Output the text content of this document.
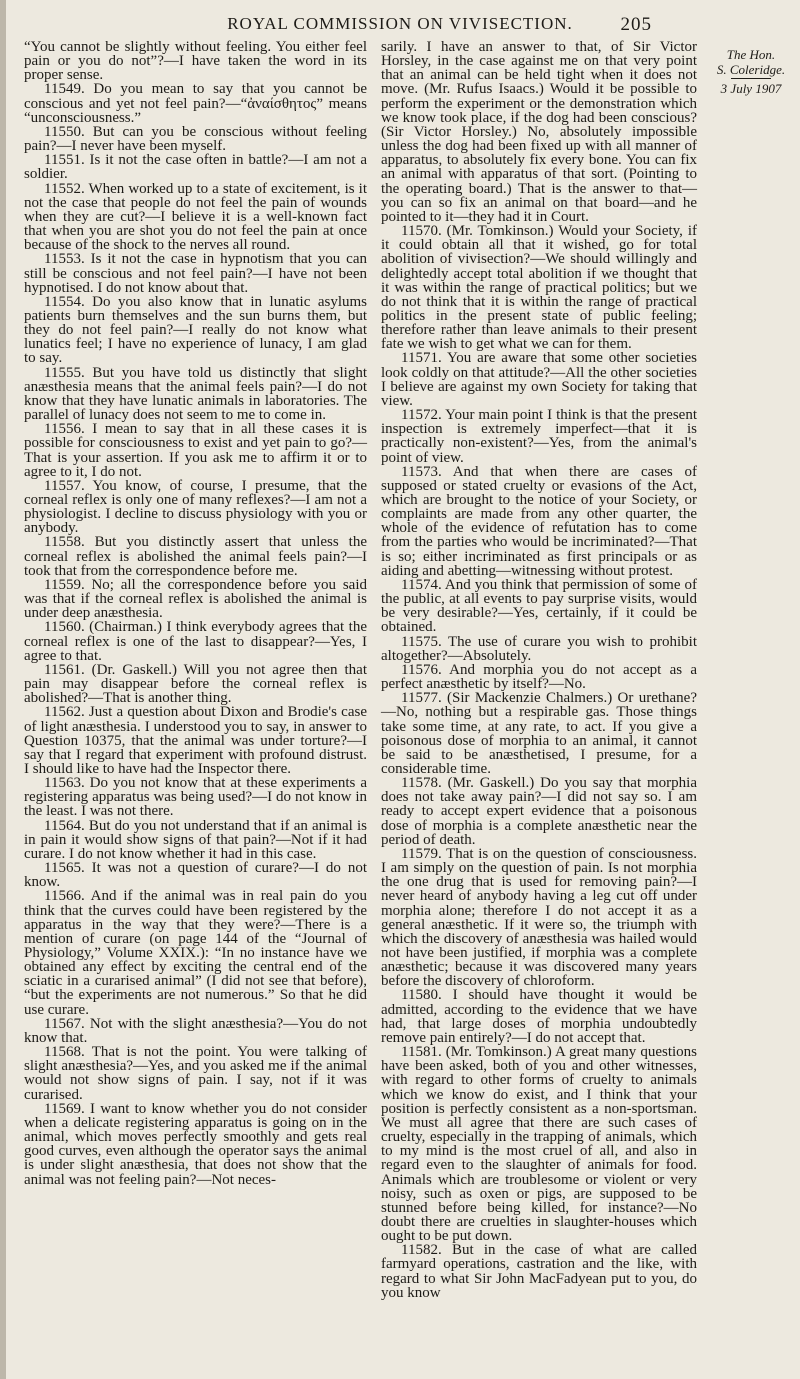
ROYAL COMMISSION ON VIVISECTION.	205

“You cannot be slightly without feeling. You either feel pain or you do not”?—I have taken the word in its proper sense.

11549. Do you mean to say that you cannot be conscious and yet not feel pain?—“ἀναίσθητος” means “unconsciousness.”

11550. But can you be conscious without feeling pain?—I never have been myself.

11551. Is it not the case often in battle?—I am not a soldier.

11552. When worked up to a state of excitement, is it not the case that people do not feel the pain of wounds when they are cut?—I believe it is a well-known fact that when you are shot you do not feel the pain at once because of the shock to the nerves all round.

11553. Is it not the case in hypnotism that you can still be conscious and not feel pain?—I have not been hypnotised. I do not know about that.

11554. Do you also know that in lunatic asylums patients burn themselves and the sun burns them, but they do not feel pain?—I really do not know what lunatics feel; I have no experience of lunacy, I am glad to say.

11555. But you have told us distinctly that slight anæsthesia means that the animal feels pain?—I do not know that they have lunatic animals in laboratories. The parallel of lunacy does not seem to me to come in.

11556. I mean to say that in all these cases it is possible for consciousness to exist and yet pain to go?—That is your assertion. If you ask me to affirm it or to agree to it, I do not.

11557. You know, of course, I presume, that the corneal reflex is only one of many reflexes?—I am not a physiologist. I decline to discuss physiology with you or anybody.

11558. But you distinctly assert that unless the corneal reflex is abolished the animal feels pain?—I took that from the correspondence before me.

11559. No; all the correspondence before you said was that if the corneal reflex is abolished the animal is under deep anæsthesia.

11560. (Chairman.) I think everybody agrees that the corneal reflex is one of the last to disappear?—Yes, I agree to that.

11561. (Dr. Gaskell.) Will you not agree then that pain may disappear before the corneal reflex is abolished?—That is another thing.

11562. Just a question about Dixon and Brodie's case of light anæsthesia. I understood you to say, in answer to Question 10375, that the animal was under torture?—I say that I regard that experiment with profound distrust. I should like to have had the Inspector there.

11563. Do you not know that at these experiments a registering apparatus was being used?—I do not know in the least. I was not there.

11564. But do you not understand that if an animal is in pain it would show signs of that pain?—Not if it had curare. I do not know whether it had in this case.

11565. It was not a question of curare?—I do not know.

11566. And if the animal was in real pain do you think that the curves could have been registered by the apparatus in the way that they were?—There is a mention of curare (on page 144 of the “Journal of Physiology,” Volume XXIX.): “In no instance have we obtained any effect by exciting the central end of the sciatic in a curarised animal” (I did not see that before), “but the experiments are not numerous.” So that he did use curare.

11567. Not with the slight anæsthesia?—You do not know that.

11568. That is not the point. You were talking of slight anæsthesia?—Yes, and you asked me if the animal would not show signs of pain. I say, not if it was curarised.

11569. I want to know whether you do not consider when a delicate registering apparatus is going on in the animal, which moves perfectly smoothly and gets real good curves, even although the operator says the animal is under slight anæsthesia, that does not show that the animal was not feeling pain?—Not neces-

sarily. I have an answer to that, of Sir Victor Horsley, in the case against me on that very point that an animal can be held tight when it does not move. (Mr. Rufus Isaacs.) Would it be possible to perform the experiment or the demonstration which we know took place, if the dog had been conscious? (Sir Victor Horsley.) No, absolutely impossible unless the dog had been fixed up with all manner of apparatus, to absolutely fix every bone. You can fix an animal with apparatus of that sort. (Pointing to the operating board.) That is the answer to that—you can so fix an animal on that board—and he pointed to it—they had it in Court.

11570. (Mr. Tomkinson.) Would your Society, if it could obtain all that it wished, go for total abolition of vivisection?—We should willingly and delightedly accept total abolition if we thought that it was within the range of practical politics; but we do not think that it is within the range of practical politics in the present state of public feeling; therefore rather than leave animals to their present fate we wish to get what we can for them.

11571. You are aware that some other societies look coldly on that attitude?—All the other societies I believe are against my own Society for taking that view.

11572. Your main point I think is that the present inspection is extremely imperfect—that it is practically non-existent?—Yes, from the animal's point of view.

11573. And that when there are cases of supposed or stated cruelty or evasions of the Act, which are brought to the notice of your Society, or complaints are made from any other quarter, the whole of the evidence of refutation has to come from the parties who would be incriminated?—That is so; either incriminated as first principals or as aiding and abetting—witnessing without protest.

11574. And you think that permission of some of the public, at all events to pay surprise visits, would be very desirable?—Yes, certainly, if it could be obtained.

11575. The use of curare you wish to prohibit altogether?—Absolutely.

11576. And morphia you do not accept as a perfect anæsthetic by itself?—No.

11577. (Sir Mackenzie Chalmers.) Or urethane?—No, nothing but a respirable gas. Those things take some time, at any rate, to act. If you give a poisonous dose of morphia to an animal, it cannot be said to be anæsthetised, I presume, for a considerable time.

11578. (Mr. Gaskell.) Do you say that morphia does not take away pain?—I did not say so. I am ready to accept expert evidence that a poisonous dose of morphia is a complete anæsthetic near the period of death.

11579. That is on the question of consciousness. I am simply on the question of pain. Is not morphia the one drug that is used for removing pain?—I never heard of anybody having a leg cut off under morphia alone; therefore I do not accept it as a general anæsthetic. If it were so, the triumph with which the discovery of anæsthesia was hailed would not have been justified, if morphia was a complete anæsthetic; because it was discovered many years before the discovery of chloroform.

11580. I should have thought it would be admitted, according to the evidence that we have had, that large doses of morphia undoubtedly remove pain entirely?—I do not accept that.

11581. (Mr. Tomkinson.) A great many questions have been asked, both of you and other witnesses, with regard to other forms of cruelty to animals which we know do exist, and I think that your position is perfectly consistent as a non-sportsman. We must all agree that there are such cases of cruelty, especially in the trapping of animals, which to my mind is the most cruel of all, and also in regard even to the slaughter of animals for food. Animals which are troublesome or violent or very noisy, such as oxen or pigs, are supposed to be stunned before being killed, for instance?—No doubt there are cruelties in slaughter-houses which ought to be put down.

11582. But in the case of what are called farmyard operations, castration and the like, with regard to what Sir John MacFadyean put to you, do you know

The Hon.
S. Coleridge.
3 July 1907
